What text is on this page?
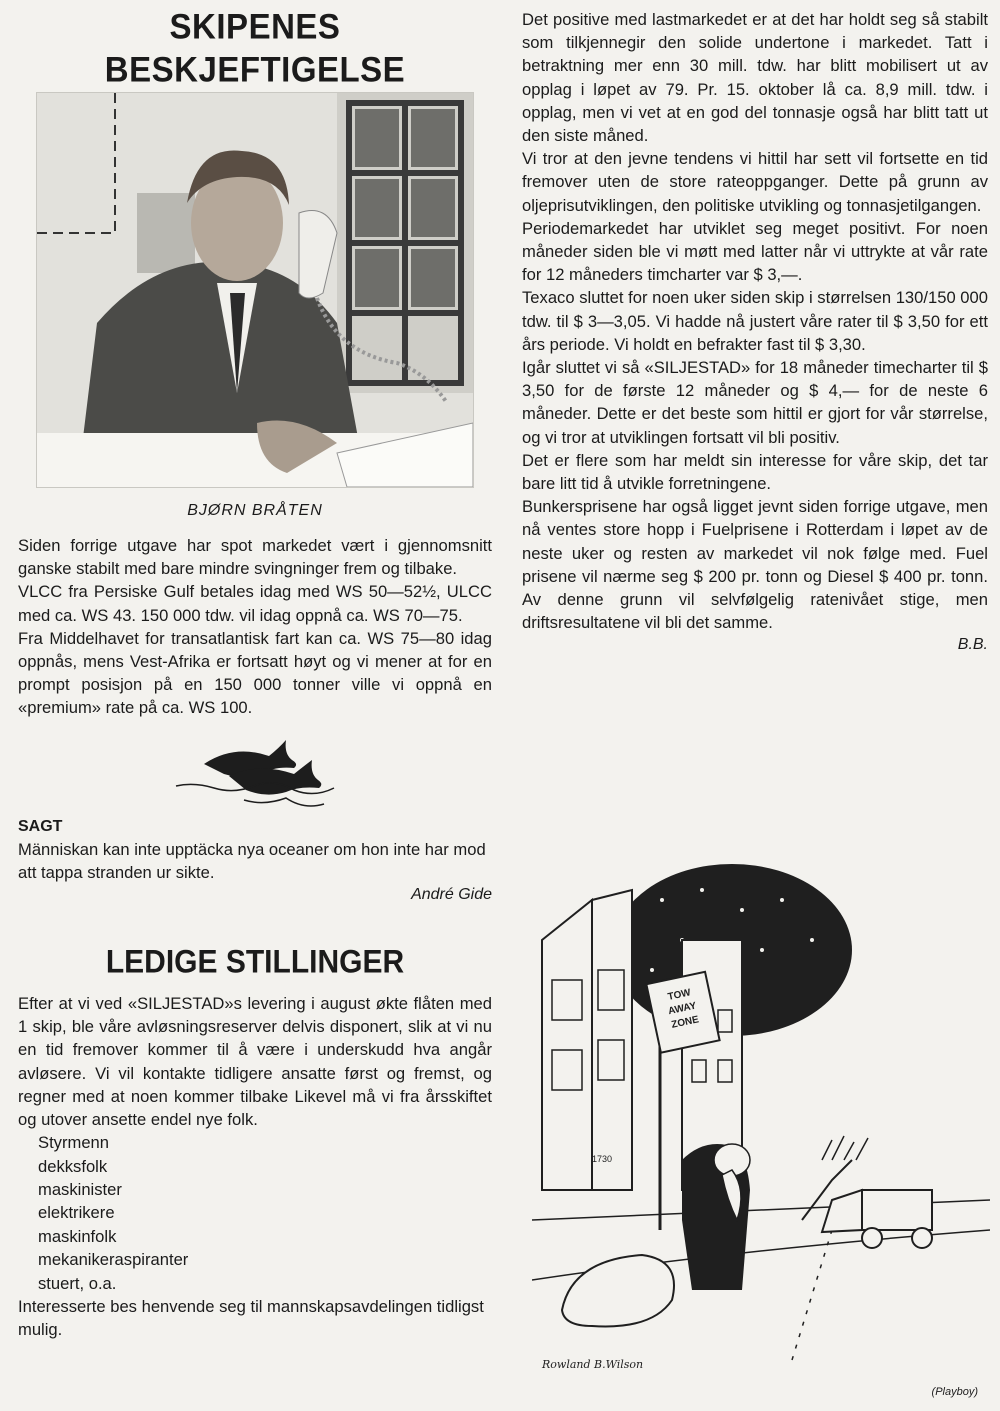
SKIPENES BESKJEFTIGELSE
BJØRN BRÅTEN

Siden forrige utgave har spot markedet vært i gjennomsnitt ganske stabilt med bare mindre svingninger frem og tilbake.

VLCC fra Persiske Gulf betales idag med WS 50—52½, ULCC med ca. WS 43. 150 000 tdw. vil idag oppnå ca. WS 70—75.

Fra Middelhavet for transatlantisk fart kan ca. WS 75—80 idag oppnås, mens Vest-Afrika er fortsatt høyt og vi mener at for en prompt posisjon på en 150 000 tonner ville vi oppnå en «premium» rate på ca. WS 100.

SAGT

Människan kan inte upptäcka nya oceaner om hon inte har mod att tappa stranden ur sikte.

André Gide

LEDIGE STILLINGER

Efter at vi ved «SILJESTAD»s levering i august økte flåten med 1 skip, ble våre avløsningsreserver delvis disponert, slik at vi nu en tid fremover kommer til å være i underskudd hva angår avløsere. Vi vil kontakte tidligere ansatte først og fremst, og regner med at noen kommer tilbake Likevel må vi fra årsskiftet og utover ansette endel nye folk.

Styrmenn
dekksfolk
maskinister
elektrikere
maskinfolk
mekanikeraspiranter
stuert, o.a.

Interesserte bes henvende seg til mannskapsavdelingen tidligst mulig.

Det positive med lastmarkedet er at det har holdt seg så stabilt som tilkjennegir den solide undertone i markedet. Tatt i betraktning mer enn 30 mill. tdw. har blitt mobilisert ut av opplag i løpet av 79. Pr. 15. oktober lå ca. 8,9 mill. tdw. i opplag, men vi vet at en god del tonnasje også har blitt tatt ut den siste måned.

Vi tror at den jevne tendens vi hittil har sett vil fortsette en tid fremover uten de store rateoppganger. Dette på grunn av oljeprisutviklingen, den politiske utvikling og tonnasjetilgangen.

Periodemarkedet har utviklet seg meget positivt. For noen måneder siden ble vi møtt med latter når vi uttrykte at vår rate for 12 måneders timcharter var $ 3,—.

Texaco sluttet for noen uker siden skip i størrelsen 130/150 000 tdw. til $ 3—3,05. Vi hadde nå justert våre rater til $ 3,50 for ett års periode. Vi holdt en befrakter fast til $ 3,30.

Igår sluttet vi så «SILJESTAD» for 18 måneder timecharter til $ 3,50 for de første 12 måneder og $ 4,— for de neste 6 måneder. Dette er det beste som hittil er gjort for vår størrelse, og vi tror at utviklingen fortsatt vil bli positiv.

Det er flere som har meldt sin interesse for våre skip, det tar bare litt tid å utvikle forretningene.

Bunkersprisene har også ligget jevnt siden forrige utgave, men nå ventes store hopp i Fuelprisene i Rotterdam i løpet av de neste uker og resten av markedet vil nok følge med. Fuel prisene vil nærme seg $ 200 pr. tonn og Diesel $ 400 pr. tonn. Av denne grunn vil selvfølgelig ratenivået stige, men driftsresultatene vil bli det samme.

B.B.

TOW
AWAY
ZONE
1730
Rowland B.Wilson
(Playboy)
